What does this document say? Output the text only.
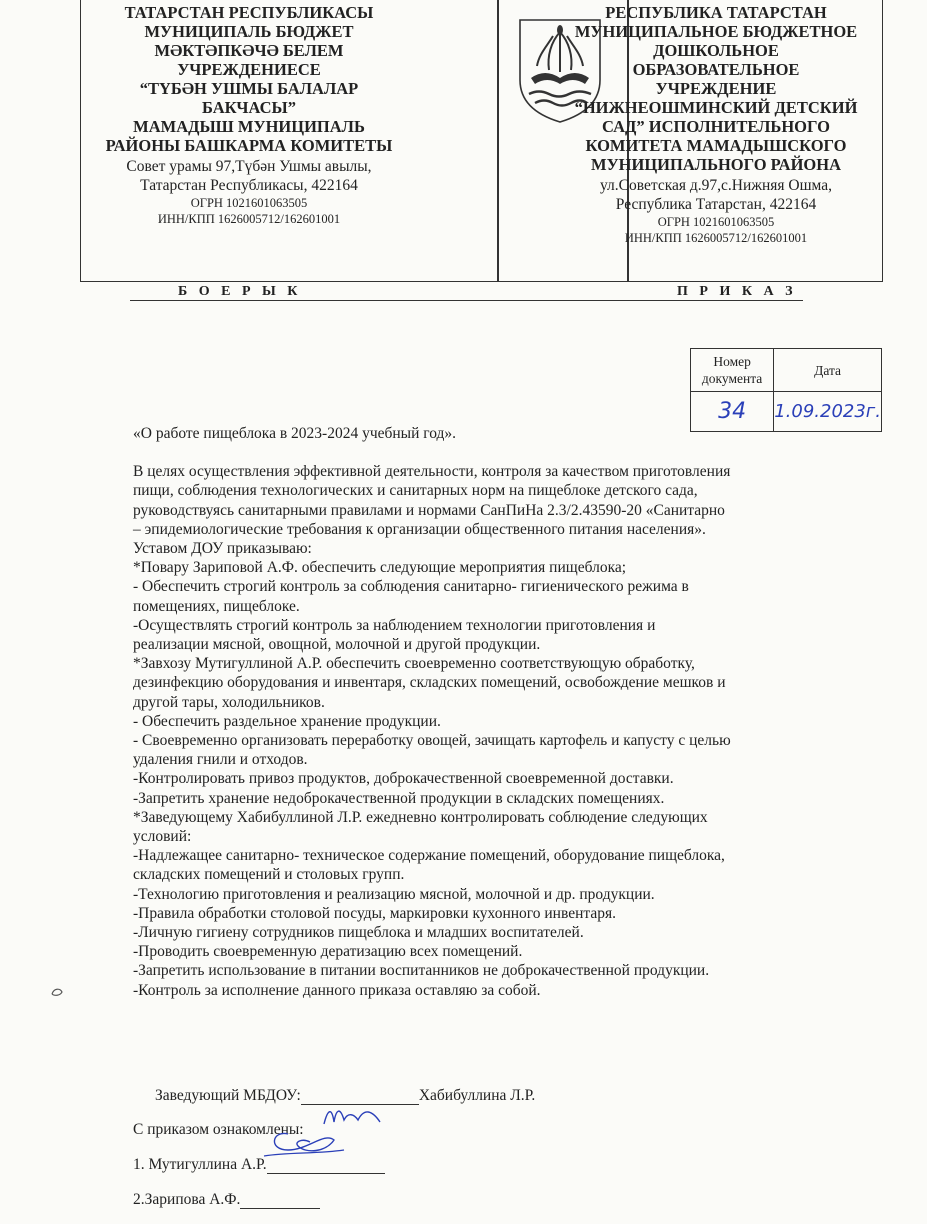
ТАТАРСТАН РЕСПУБЛИКАСЫ
МУНИЦИПАЛЬ БЮДЖЕТ
МӘКТӘПКӘЧӘ БЕЛЕМ
УЧРЕЖДЕНИЕСЕ
“ТҮБӘН УШМЫ БАЛАЛАР
БАКЧАСЫ”
МАМАДЫШ МУНИЦИПАЛЬ
РАЙОНЫ БАШКАРМА КОМИТЕТЫ
Совет урамы 97,Түбән Ушмы авылы,
Татарстан Республикасы, 422164
ОГРН 1021601063505
ИНН/КПП 1626005712/162601001
РЕСПУБЛИКА ТАТАРСТАН
МУНИЦИПАЛЬНОЕ БЮДЖЕТНОЕ
ДОШКОЛЬНОЕ
ОБРАЗОВАТЕЛЬНОЕ
УЧРЕЖДЕНИЕ
“НИЖНЕОШМИНСКИЙ ДЕТСКИЙ
САД” ИСПОЛНИТЕЛЬНОГО
КОМИТЕТА МАМАДЫШСКОГО
МУНИЦИПАЛЬНОГО РАЙОНА
ул.Советская д.97,с.Нижняя Ошма,
Республика Татарстан, 422164
ОГРН 1021601063505
ИНН/КПП 1626005712/162601001
Б О Е Р Ы К	П Р И К А З
Номер документа	Дата
34	1.09.2023г.

«О работе пищеблока в 2023-2024 учебный год».

В целях осуществления эффективной деятельности, контроля за качеством приготовления

пищи, соблюдения технологических и санитарных норм на пищеблоке детского сада,

руководствуясь санитарными правилами и нормами СанПиНа 2.3/2.43590-20 «Санитарно

– эпидемиологические требования к организации общественного питания населения».

Уставом ДОУ приказываю:

*Повару Зариповой А.Ф. обеспечить следующие мероприятия пищеблока;

- Обеспечить строгий контроль за соблюдения санитарно- гигиенического режима в

помещениях, пищеблоке.

-Осуществлять строгий контроль за наблюдением технологии приготовления и

реализации мясной, овощной, молочной и другой продукции.

*Завхозу Мутигуллиной А.Р. обеспечить своевременно соответствующую обработку,

дезинфекцию оборудования и инвентаря, складских помещений, освобождение мешков и

другой тары, холодильников.

- Обеспечить раздельное хранение продукции.

- Своевременно организовать переработку овощей, зачищать картофель и капусту с целью

удаления гнили и отходов.

-Контролировать привоз продуктов, доброкачественной своевременной доставки.

-Запретить хранение недоброкачественной продукции в складских помещениях.

*Заведующему Хабибуллиной Л.Р. ежедневно контролировать соблюдение следующих

условий:

-Надлежащее санитарно- техническое содержание помещений, оборудование пищеблока,

складских помещений и столовых групп.

-Технологию приготовления и реализацию мясной, молочной и др. продукции.

-Правила обработки столовой посуды, маркировки кухонного инвентаря.

-Личную гигиену сотрудников пищеблока и младших воспитателей.

-Проводить своевременную дератизацию всех помещений.

-Запретить использование в питании воспитанников не доброкачественной продукции.

-Контроль за исполнение данного приказа оставляю за собой.

Заведующий МБДОУ:	Хабибуллина Л.Р.

С приказом ознакомлены:

1. Мутигуллина А.Р.

2.Зарипова А.Ф.
